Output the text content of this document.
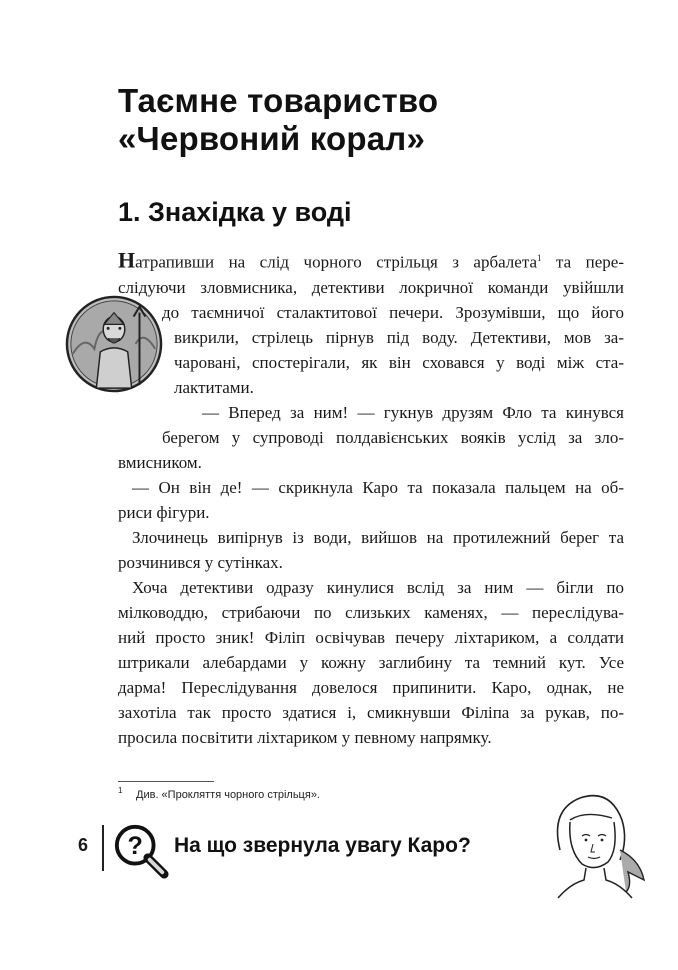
Таємне товариство
«Червоний корал»
1. Знахідка у воді

Натрапивши на слід чорного стрільця з арбалета$^1$ та пере-
слідуючи зловмисника, детективи локричної команди увійшли
до таємничої сталактитової печери. Зрозумівши, що його
викрили, стрілець пірнув під воду. Детективи, мов за-
чаровані, спостерігали, як він сховався у воді між ста-
лактитами.

— Вперед за ним! — гукнув друзям Фло та кинувся
берегом у супроводі полдавієнських вояків услід за зло-
вмисником.

— Он він де! — скрикнула Каро та показала пальцем на об-
риси фігури.

Злочинець випірнув із води, вийшов на протилежний берег та
розчинився у сутінках.

Хоча детективи одразу кинулися вслід за ним — бігли по
мілководдю, стрибаючи по слизьких каменях, — переслідува-
ний просто зник! Філіп освічував печеру ліхтариком, а солдати
штрикали алебардами у кожну заглибину та темний кут. Усе
дарма! Переслідування довелося припинити. Каро, однак, не
захотіла так просто здатися і, смикнувши Філіпа за рукав, по-
просила посвітити ліхтариком у певному напрямку.

1 Див. «Прокляття чорного стрільця».
6 ? На що звернула увагу Каро?
